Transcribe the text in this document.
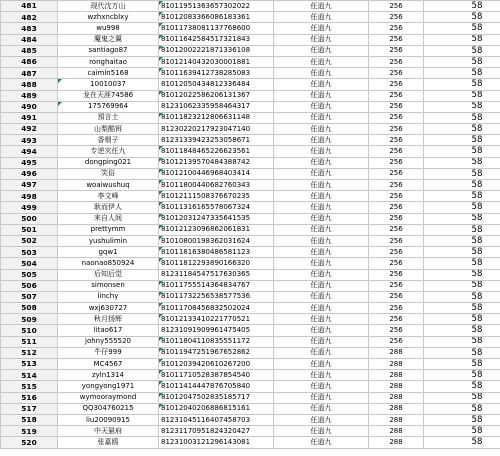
481	现代沈万山	81011951363657302022	任逍九	256	58
482	wzhxncblxy	81012083366086183361	任逍九	256	58
483	wu998	81011738081137768600	任逍九	256	58
484	魔鬼之翼	81011642584517321843	任逍九	256	58
485	santiago87	81012002221871336108	任逍九	256	58
486	ronghaitao	81012140432030001881	任逍九	256	58
487	caimin5168	81011639412738285083	任逍九	256	58
488	10010037	81012050434812336484	任逍九	256	58
489	龙在天涯74586	81012022586206131367	任逍九	256	58
490	175769964	81231062335958464317	任逍九	256	58
491	預言士	81011823212806631148	任逍九	256	58
492	山梨酷铒	81230220217923047140	任逍九	256	58
493	香烟子	81231339423253058671	任逍九	256	58
494	专逆灾任九	81011848465226623561	任逍九	256	58
495	dongping021	81012139570484388742	任逍九	256	58
496	笑俗	81012100446968403414	任逍九	256	58
497	woaiwushuq	81011800440682760343	任逍九	256	58
498	李文峰	81012111508376670235	任逍九	256	58
499	耿而伊人	81011316165578067324	任逍九	256	58
500	来自人间	81012031247335641535	任逍九	256	58
501	prettymm	81012123096862061831	任逍九	256	58
502	yushulimin	81010800198362031624	任逍九	256	58
503	gqw1	81011816380486581123	任逍九	256	58
504	naonao850924	81011812293890166320	任逍九	256	58
505	后知后觉	81231184547517630365	任逍九	256	58
506	simonsen	81011755514364834767	任逍九	256	58
507	linchy	81011732256538577536	任逍九	256	58
508	wxj630727	81011708456832502024	任逍九	256	58
509	秋月扬辉	81012133410221770521	任逍九	256	58
510	litao617	81231091909961475405	任逍九	256	58
511	johny555520	81011804110835551172	任逍九	256	58
512	牛仔999	81011947251967652862	任逍九	288	58
513	MC4567	81012039420610267200	任逍九	288	58
514	zyln1314	81011710528387854540	任逍九	288	58
515	yongyong1971	81011414447876705840	任逍九	288	58
516	wymooraymond	81012047502835185717	任逍九	288	58
517	QQ304760215	81012040206886815161	任逍九	288	58
518	liu20090915	81231045116407458703	任逍九	288	58
519	中天悬府	81231170951824320427	任逍九	288	58
520	张嘉鸥	81231003121296143081	任逍九	288	58
